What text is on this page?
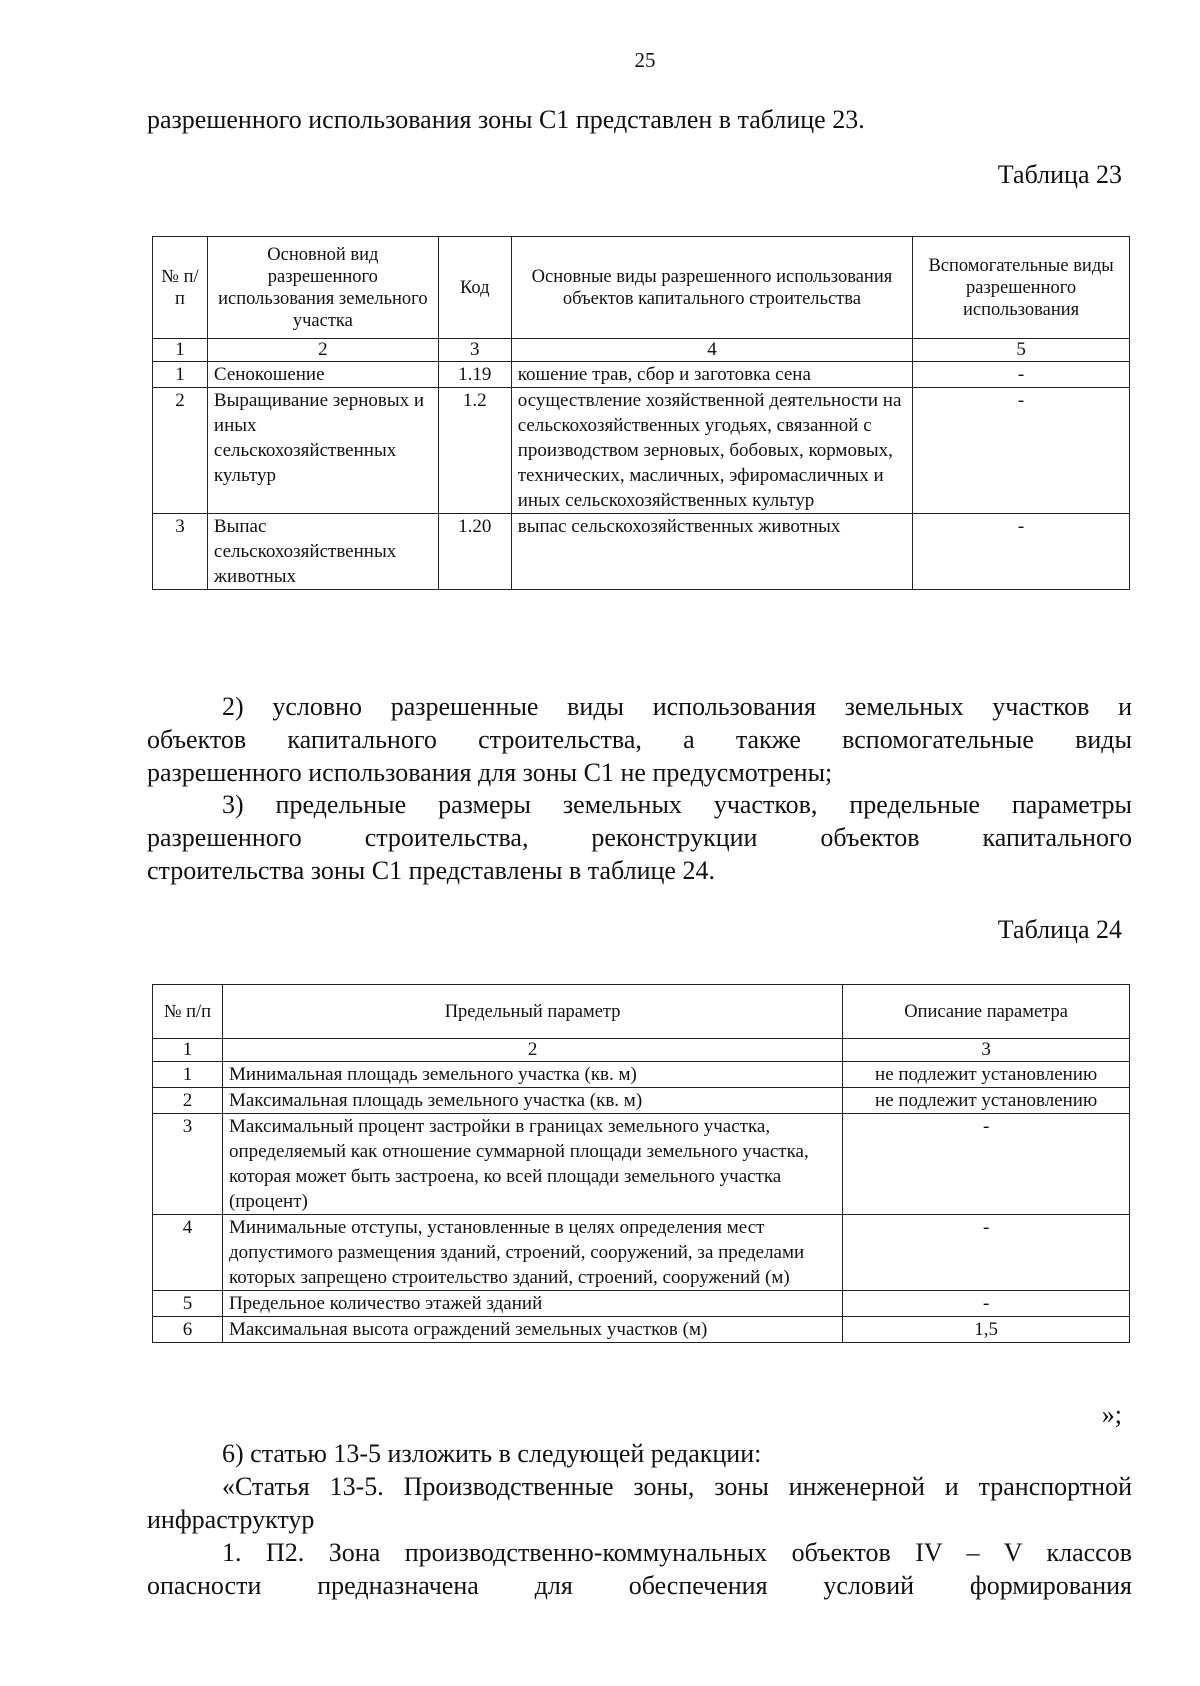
25
разрешенного использования зоны С1 представлен в таблице 23.
Таблица 23
№ п/п	Основной вид разрешенного использования земельного участка	Код	Основные виды разрешенного использования объектов капитального строительства	Вспомогательные виды разрешенного использования
1	2	3	4	5
1	Сенокошение	1.19	кошение трав, сбор и заготовка сена	-
2	Выращивание зерновых и иных сельскохозяйственных культур	1.2	осуществление хозяйственной деятельности на сельскохозяйственных угодьях, связанной с производством зерновых, бобовых, кормовых, технических, масличных, эфиромасличных и иных сельскохозяйственных культур	-
3	Выпас сельскохозяйственных животных	1.20	выпас сельскохозяйственных животных	-
2) условно разрешенные виды использования земельных участков и
объектов капитального строительства, а также вспомогательные виды
разрешенного использования для зоны С1 не предусмотрены;
3) предельные размеры земельных участков, предельные параметры
разрешенного строительства, реконструкции объектов капитального
строительства зоны С1 представлены в таблице 24.
Таблица 24
№ п/п	Предельный параметр	Описание параметра
1	2	3
1	Минимальная площадь земельного участка (кв. м)	не подлежит установлению
2	Максимальная площадь земельного участка (кв. м)	не подлежит установлению
3	Максимальный процент застройки в границах земельного участка, определяемый как отношение суммарной площади земельного участка, которая может быть застроена, ко всей площади земельного участка (процент)	-
4	Минимальные отступы, установленные в целях определения мест допустимого размещения зданий, строений, сооружений, за пределами которых запрещено строительство зданий, строений, сооружений (м)	-
5	Предельное количество этажей зданий	-
6	Максимальная высота ограждений земельных участков (м)	1,5
»;
6) статью 13-5 изложить в следующей редакции:
«Статья 13-5. Производственные зоны, зоны инженерной и транспортной
инфраструктур
1. П2. Зона производственно-коммунальных объектов IV – V классов
опасности предназначена для обеспечения условий формирования
